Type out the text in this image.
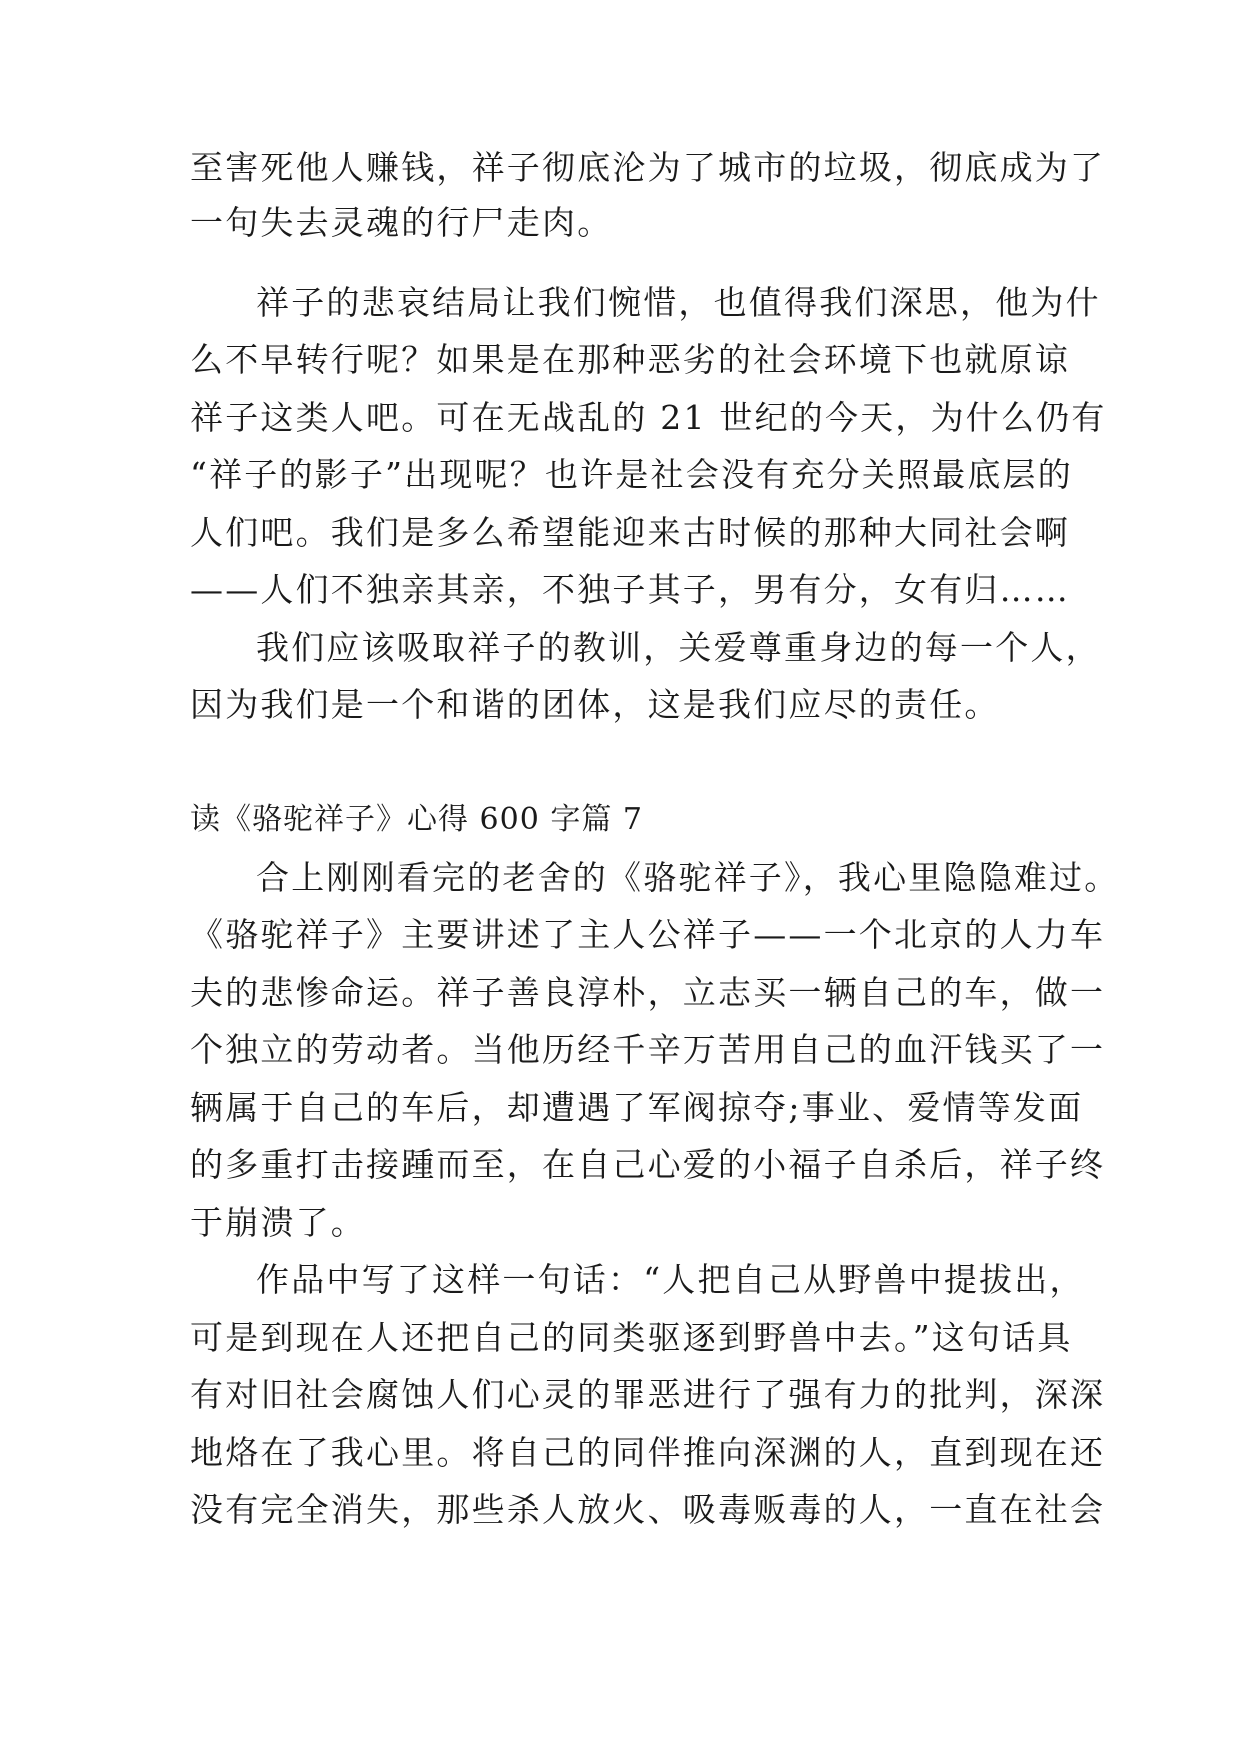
至害死他人赚钱，祥子彻底沦为了城市的垃圾，彻底成为了
一句失去灵魂的行尸走肉。
祥子的悲哀结局让我们惋惜，也值得我们深思，他为什
么不早转行呢？如果是在那种恶劣的社会环境下也就原谅
祥子这类人吧。可在无战乱的 21 世纪的今天，为什么仍有
“祥子的影子”出现呢？也许是社会没有充分关照最底层的
人们吧。我们是多么希望能迎来古时候的那种大同社会啊
——人们不独亲其亲，不独子其子，男有分，女有归……
我们应该吸取祥子的教训，关爱尊重身边的每一个人，
因为我们是一个和谐的团体，这是我们应尽的责任。
读《骆驼祥子》心得 600 字篇 7
合上刚刚看完的老舍的《骆驼祥子》，我心里隐隐难过。
《骆驼祥子》主要讲述了主人公祥子——一个北京的人力车
夫的悲惨命运。祥子善良淳朴，立志买一辆自己的车，做一
个独立的劳动者。当他历经千辛万苦用自己的血汗钱买了一
辆属于自己的车后，却遭遇了军阀掠夺;事业、爱情等发面
的多重打击接踵而至，在自己心爱的小福子自杀后，祥子终
于崩溃了。
作品中写了这样一句话：“人把自己从野兽中提拔出，
可是到现在人还把自己的同类驱逐到野兽中去。”这句话具
有对旧社会腐蚀人们心灵的罪恶进行了强有力的批判，深深
地烙在了我心里。将自己的同伴推向深渊的人，直到现在还
没有完全消失，那些杀人放火、吸毒贩毒的人，一直在社会
